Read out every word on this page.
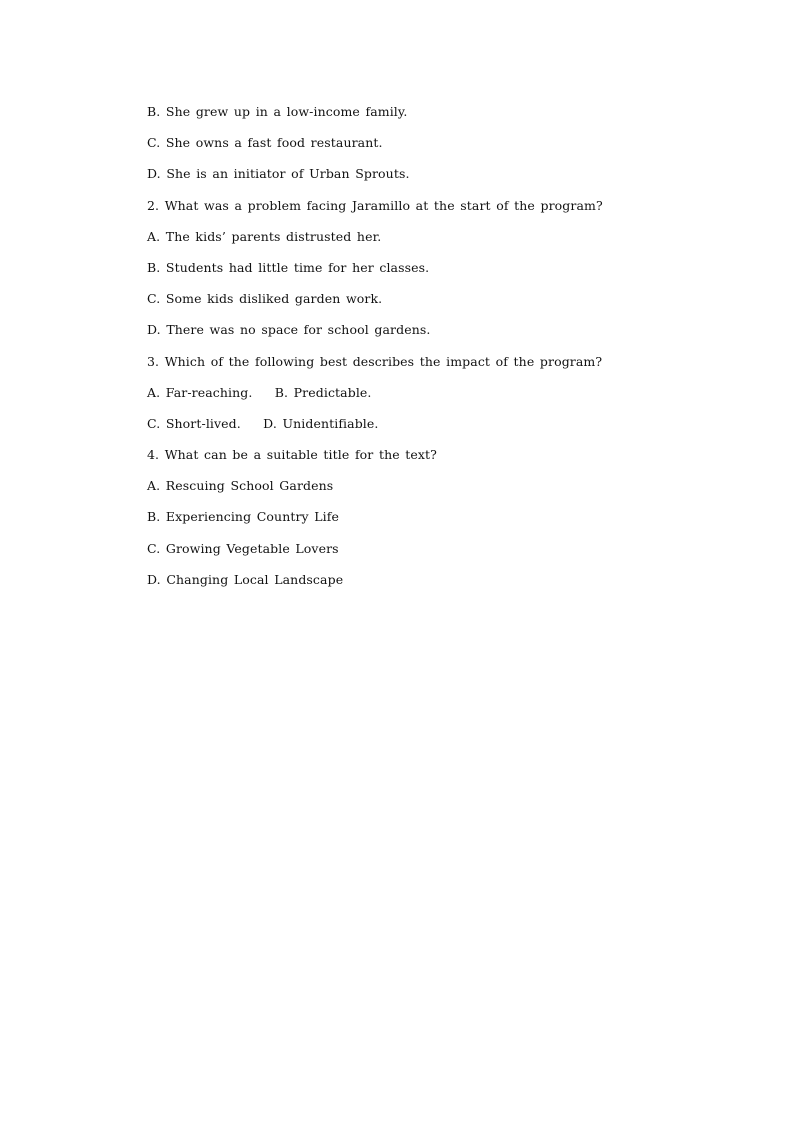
B. She grew up in a low-income family.
C. She owns a fast food restaurant.
D. She is an initiator of Urban Sprouts.
2. What was a problem facing Jaramillo at the start of the program?
A. The kids’ parents distrusted her.
B. Students had little time for her classes.
C. Some kids disliked garden work.
D. There was no space for school gardens.
3. Which of the following best describes the impact of the program?
A. Far-reaching.    B. Predictable.
C. Short-lived.    D. Unidentifiable.
4. What can be a suitable title for the text?
A. Rescuing School Gardens
B. Experiencing Country Life
C. Growing Vegetable Lovers
D. Changing Local Landscape
